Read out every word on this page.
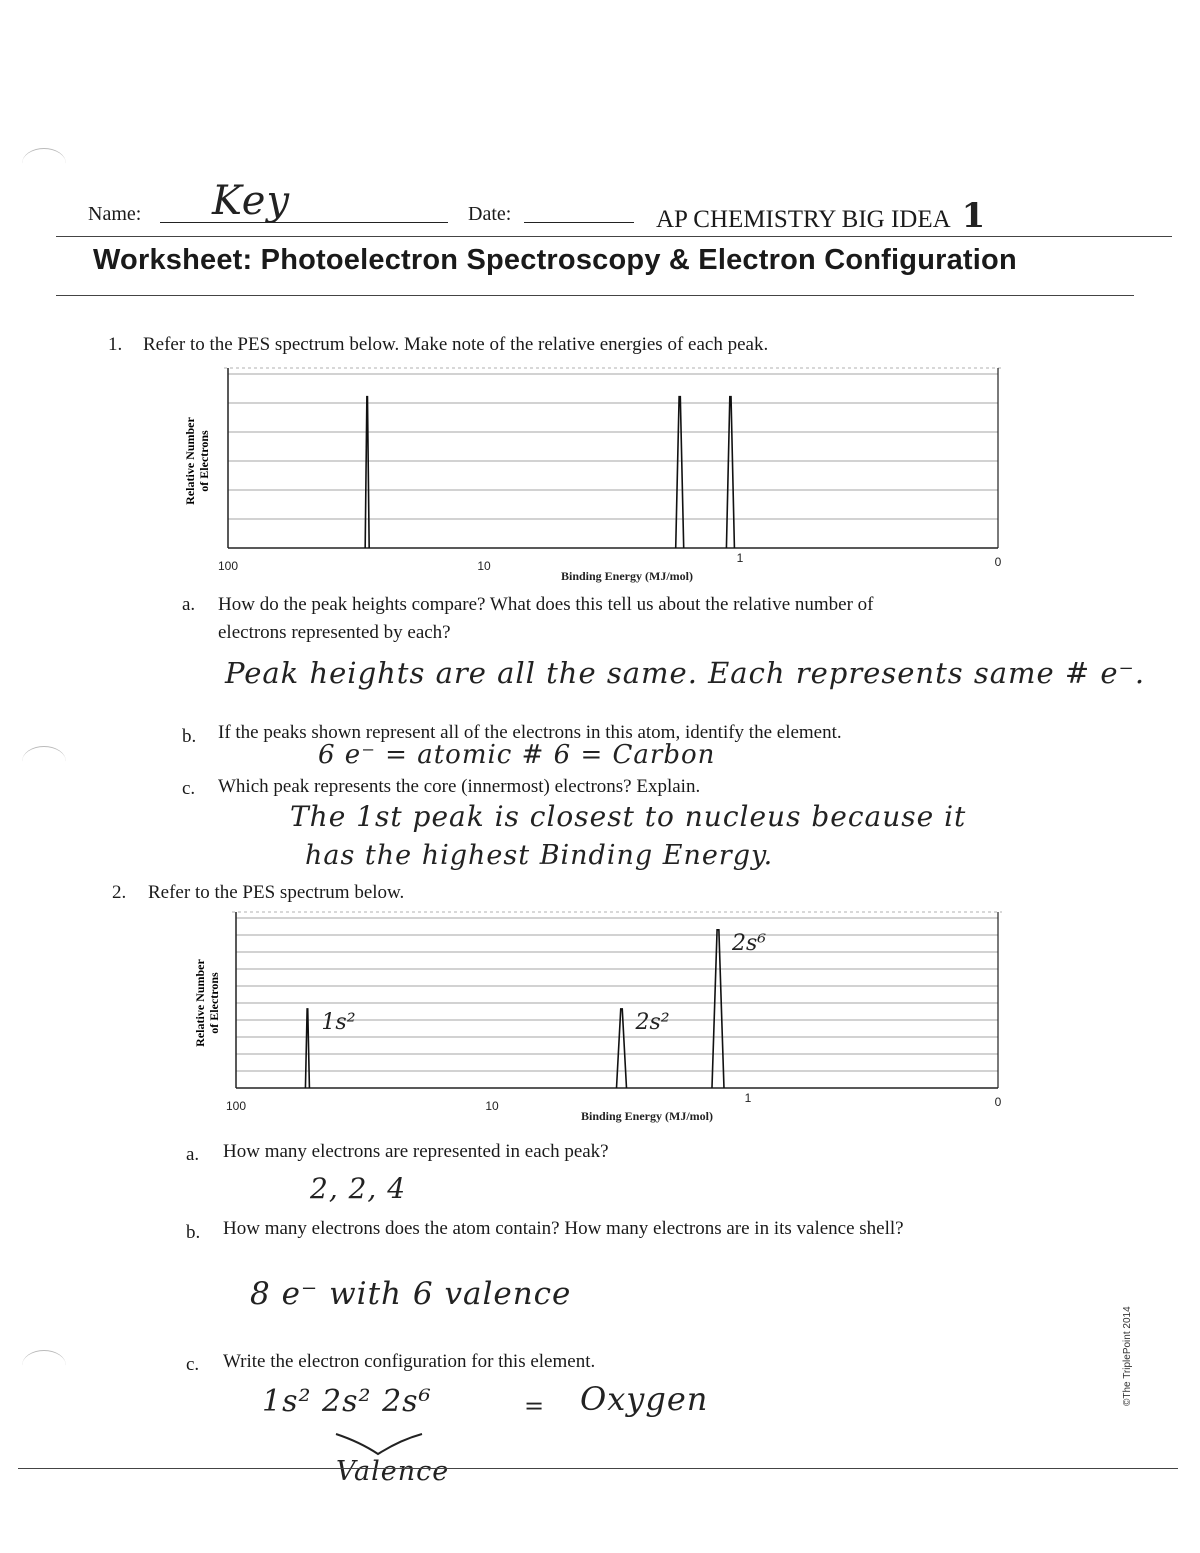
Name: Key	Date:	AP CHEMISTRY BIG IDEA 1
Worksheet: Photoelectron Spectroscopy & Electron Configuration
1. Refer to the PES spectrum below. Make note of the relative energies of each peak.
100	10
1	0
Binding Energy (MJ/mol)
Relative Number of Electrons
a. How do the peak heights compare? What does this tell us about the relative number of
electrons represented by each?
Peak heights are all the same. Each represents same # e⁻.
b. If the peaks shown represent all of the electrons in this atom, identify the element.
6 e⁻ = atomic # 6 = Carbon
c. Which peak represents the core (innermost) electrons? Explain.
The 1st peak is closest to nucleus because it
has the highest Binding Energy.
2. Refer to the PES spectrum below.
100	10
1	0
Binding Energy (MJ/mol)
Relative Number of Electrons	1s²	2s²
2s⁶
a. How many electrons are represented in each peak?
2, 2, 4
b. How many electrons does the atom contain? How many electrons are in its valence shell?
8 e⁻ with 6 valence
c. Write the electron configuration for this element.
1s² 2s² 2s⁶	= Oxygen
Valence
©The TriplePoint 2014
